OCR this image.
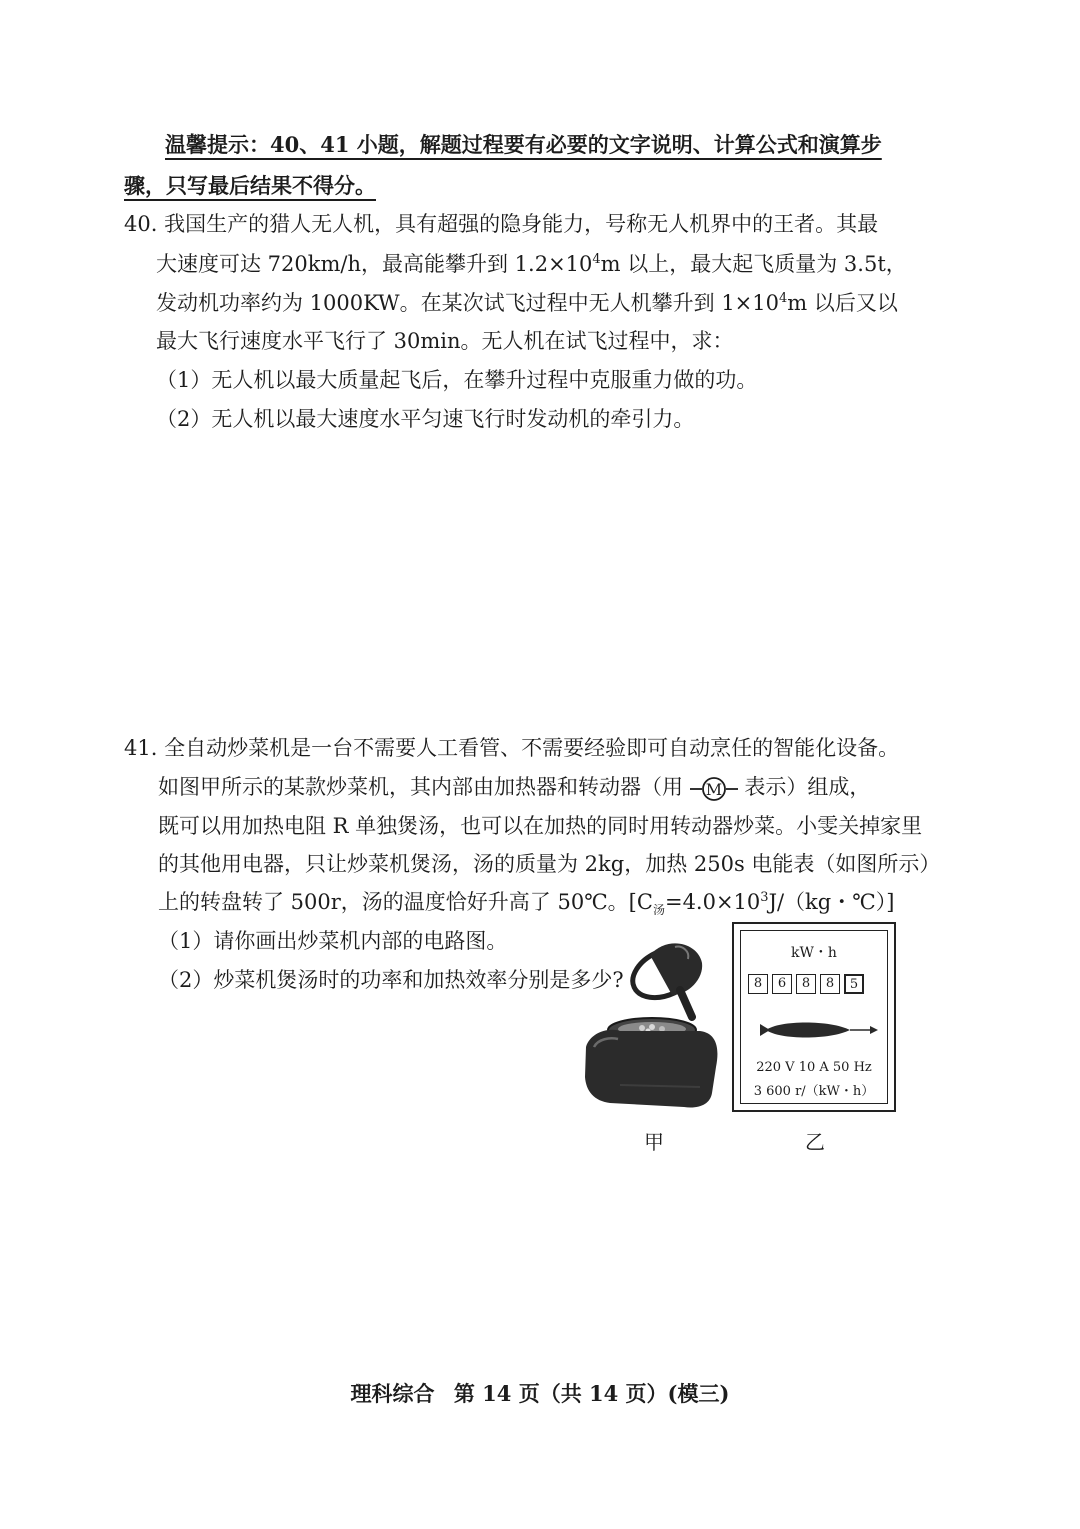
温馨提示：40、41 小题，解题过程要有必要的文字说明、计算公式和演算步
骤，只写最后结果不得分。
40. 我国生产的猎人无人机，具有超强的隐身能力，号称无人机界中的王者。其最
大速度可达 720km/h，最高能攀升到 $1.2\times 10^4m$ 以上，最大起飞质量为 3.5t，
发动机功率约为 1000KW。在某次试飞过程中无人机攀升到 $1\times 10^4m$ 以后又以
最大飞行速度水平飞行了 30min。无人机在试飞过程中，求：
（1）无人机以最大质量起飞后，在攀升过程中克服重力做的功。
（2）无人机以最大速度水平匀速飞行时发动机的牵引力。
41. 全自动炒菜机是一台不需要人工看管、不需要经验即可自动烹任的智能化设备。
如图甲所示的某款炒菜机，其内部由加热器和转动器（用 M 表示）组成，
既可以用加热电阻 R 单独煲汤，也可以在加热的同时用转动器炒菜。小雯关掉家里
的其他用电器，只让炒菜机煲汤，汤的质量为 2kg，加热 250s 电能表（如图所示）
上的转盘转了 500r，汤的温度恰好升高了 50℃。[$C_汤=4.0\times 10^3J/(kg$・℃）]
（1）请你画出炒菜机内部的电路图。
（2）炒菜机煲汤时的功率和加热效率分别是多少?
甲
kW・h
8	6	8	8	5
220 V 10 A 50 Hz
3 600 r/（kW・h）
乙
理科综合 第 14 页（共 14 页）(模三)
